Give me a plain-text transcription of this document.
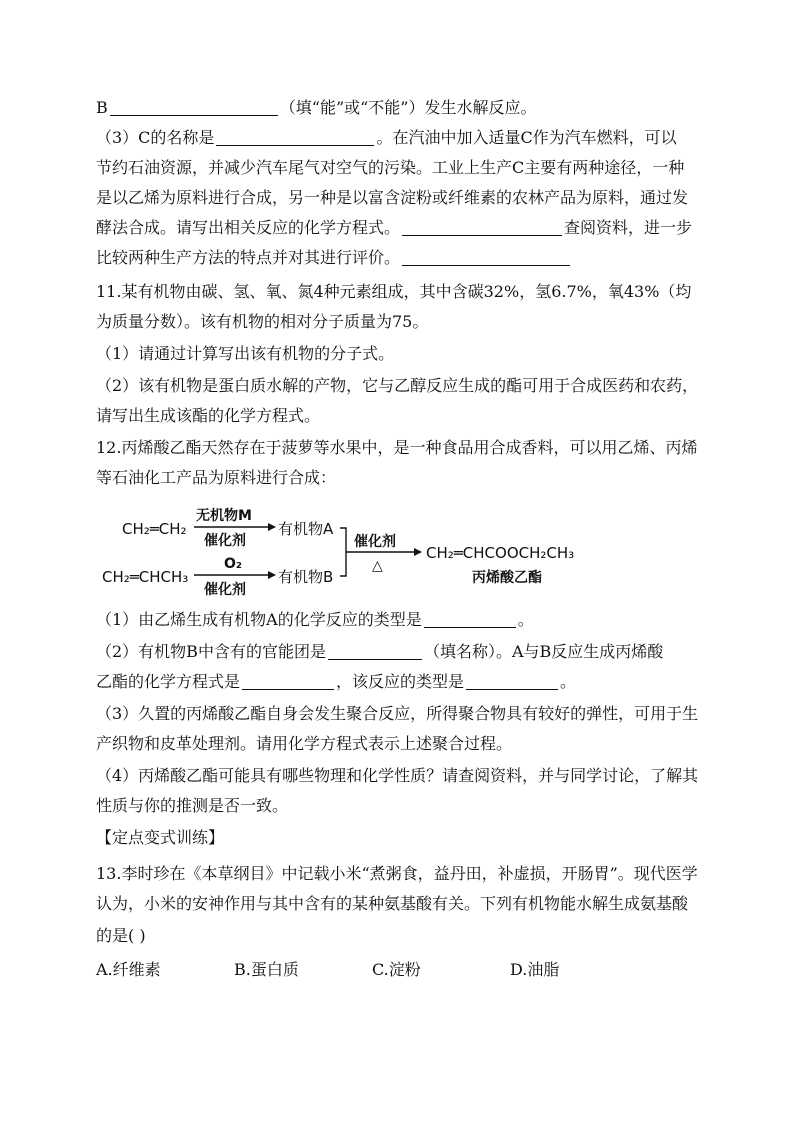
B	（填“能”或“不能”）发生水解反应。
（3）C的名称是	。在汽油中加入适量C作为汽车燃料，可以
节约石油资源，并减少汽车尾气对空气的污染。工业上生产C主要有两种途径，一种
是以乙烯为原料进行合成，另一种是以富含淀粉或纤维素的农林产品为原料，通过发
酵法合成。请写出相关反应的化学方程式。	查阅资料，进一步
比较两种生产方法的特点并对其进行评价。
11.某有机物由碳、氢、氧、氮4种元素组成，其中含碳32%，氢6.7%，氧43%（均
为质量分数）。该有机物的相对分子质量为75。
（1）请通过计算写出该有机物的分子式。
（2）该有机物是蛋白质水解的产物，它与乙醇反应生成的酯可用于合成医药和农药，
请写出生成该酯的化学方程式。
12.丙烯酸乙酯天然存在于菠萝等水果中，是一种食品用合成香料，可以用乙烯、丙烯
等石油化工产品为原料进行合成：
CH₂═CH₂
无机物M
催化剂
有机物A
CH₂═CHCH₃
O₂
催化剂
有机物B
催化剂
△
CH₂═CHCOOCH₂CH₃
丙烯酸乙酯
（1）由乙烯生成有机物A的化学反应的类型是	。
（2）有机物B中含有的官能团是	（填名称）。A与B反应生成丙烯酸
乙酯的化学方程式是	，该反应的类型是	。
（3）久置的丙烯酸乙酯自身会发生聚合反应，所得聚合物具有较好的弹性，可用于生
产织物和皮革处理剂。请用化学方程式表示上述聚合过程。
（4）丙烯酸乙酯可能具有哪些物理和化学性质？请查阅资料，并与同学讨论，了解其
性质与你的推测是否一致。
【定点变式训练】
13.李时珍在《本草纲目》中记载小米“煮粥食，益丹田，补虚损，开肠胃”。现代医学
认为，小米的安神作用与其中含有的某种氨基酸有关。下列有机物能水解生成氨基酸
的是( )
A.纤维素	B.蛋白质	C.淀粉	D.油脂
